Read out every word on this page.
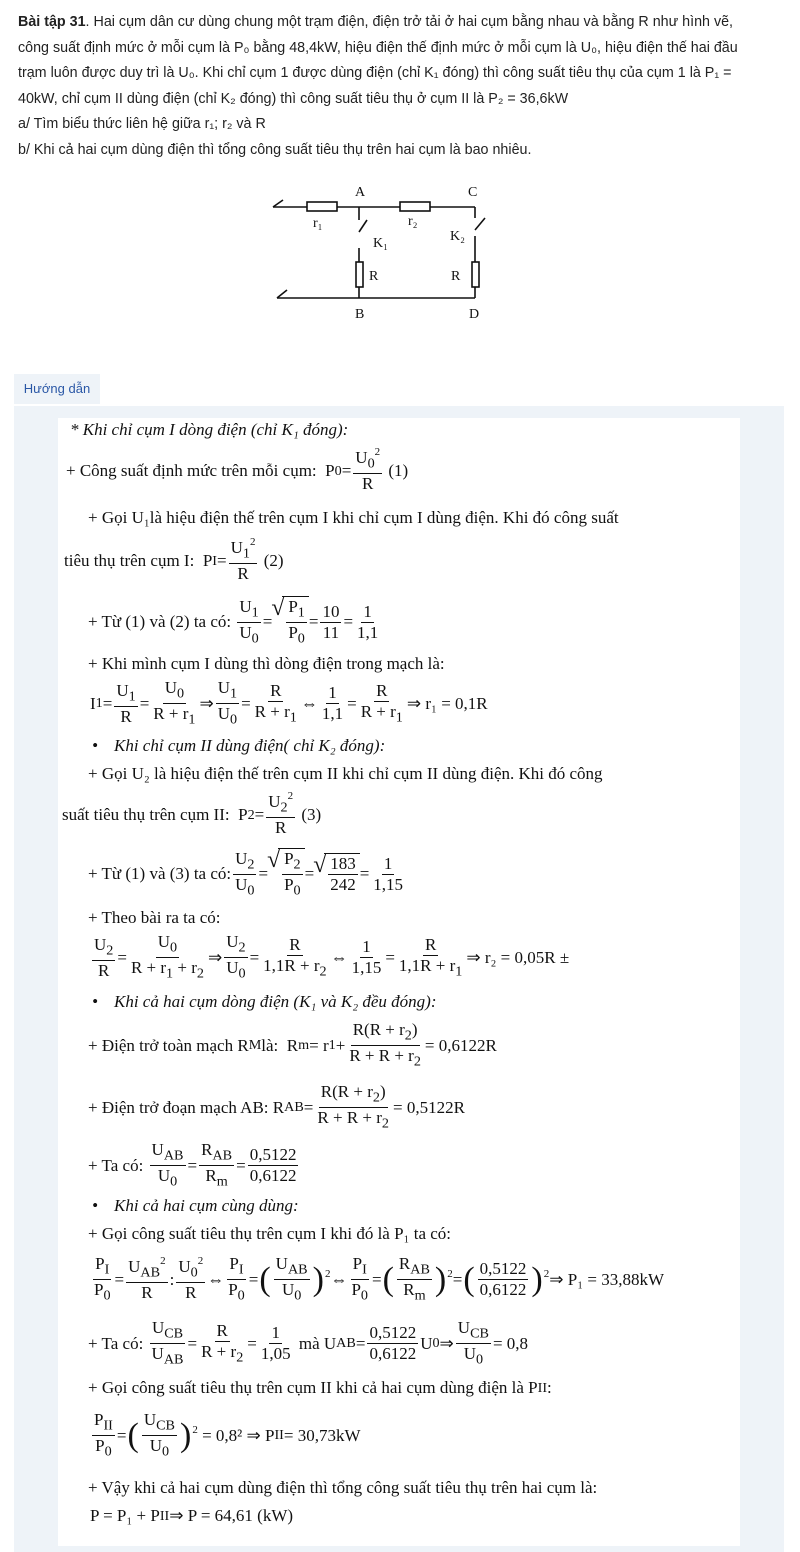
Bài tập 31. Hai cụm dân cư dùng chung một trạm điện, điện trở tải ở hai cụm bằng nhau và bằng R như hình vẽ,

công suất định mức ở mỗi cụm là P₀ bằng 48,4kW, hiệu điện thế định mức ở mỗi cụm là U₀, hiệu điện thế hai đầu

trạm luôn được duy trì là U₀. Khi chỉ cụm 1 được dùng điện (chỉ K₁ đóng) thì công suất tiêu thụ của cụm 1 là P₁ =

40kW, chỉ cụm II dùng điện (chỉ K₂ đóng) thì công suất tiêu thụ ở cụm II là P₂ = 36,6kW

a/ Tìm biểu thức liên hệ giữa r₁; r₂ và R

b/ Khi cả hai cụm dùng điện thì tổng công suất tiêu thụ trên hai cụm là bao nhiêu.

A	C
r₁	r₂
K₁	K₂
R	R
B	D
Hướng dẫn
* Khi chỉ cụm I dòng điện (chỉ K₁ đóng):
+ Công suất định mức trên mỗi cụm: P $0 = \frac{U_0^2}{R} (1)$
+ Gọi U₁là hiệu điện thế trên cụm I khi chỉ cụm I dùng điện. Khi đó công suất
tiêu thụ trên cụm I: P $I = \frac{U_1^2}{R} (2)$
+ Từ (1) và (2) ta có:
$\frac{U_1}{U_0}$ = √ $\frac{P_1}{P_0} = \frac{10}{11} = \frac{1}{1,1}$
+ Khi mình cụm I dùng thì dòng điện trong mạch là:
I $1 = \frac{U_1}{R} = \frac{U_0}{R + r_1}$ ⇒ $\frac{U_1}{U_0} = \frac{R}{R + r_1}$ ⇔ $\frac{1}{1,1} = \frac{R}{R + r_1}$ ⇒ r₁ = 0,1R
• Khi chỉ cụm II dùng điện( chỉ K₂ đóng):
+ Gọi U₂ là hiệu điện thế trên cụm II khi chỉ cụm II dùng điện. Khi đó công
suất tiêu thụ trên cụm II: P $2 = \frac{U_2^2}{R} (3)$
+ Từ (1) và (3) ta có: $\frac{U_2}{U_0}$ = √ $\frac{P_2}{P_0}$ = √ $\frac{183}{242} = \frac{1}{1,15}$
+ Theo bài ra ta có:
$\frac{U_2}{R} = \frac{U_0}{R + r_1 + r_2}$ ⇒ $\frac{U_2}{U_0} = \frac{R}{1,1R + r_2}$ ⇔ $\frac{1}{1,15} = \frac{R}{1,1R + r_1}$ ⇒ r₂ = 0,05R ±
• Khi cả hai cụm dòng điện (K₁ và K₂ đều đóng):
+ Điện trở toàn mạch R M là: R m = r $1 + \frac{R(R + r_2)}{R + R + r_2} = 0,6122R$
+ Điện trở đoạn mạch AB: R AB = $\frac{R(R + r_2)}{R + R + r_2} = 0,5122R$
+ Ta có:
$\frac{U_{AB}}{U_0} = \frac{R_{AB}}{R_m} = \frac{0,5122}{0,6122}$
• Khi cả hai cụm cùng dùng:
+ Gọi công suất tiêu thụ trên cụm I khi đó là P₁ ta có:
$\frac{P_I}{P_0} = \frac{U_{AB}^2}{R}$ : $\frac{U_0^2}{R}$ ⇔ $\frac{P_I}{P_0}$ = ( $\frac{U_{AB}}{U_0}$ ) 2 ⇔ $\frac{P_I}{P_0}$ = ( $\frac{R_{AB}}{R_m}$ ) 2 = ( $\frac{0,5122}{0,6122}$ ) 2 ⇒ P₁ = 33,88kW
+ Ta có:
$\frac{U_{CB}}{U_{AB}} = \frac{R}{R + r_2} = \frac{1}{1,05}$
mà U AB = $\frac{0,5122}{0,6122}$ U 0 ⇒ $\frac{U_{CB}}{U_0} = 0,8$
+ Gọi công suất tiêu thụ trên cụm II khi cả hai cụm dùng điện là P II :
$\frac{P_{II}}{P_0}$ = ( $\frac{U_{CB}}{U_0}$ ) 2
= 0,8² ⇒ P II = 30,73kW
+ Vậy khi cả hai cụm dùng điện thì tổng công suất tiêu thụ trên hai cụm là:
P = P₁ + P II ⇒ P = 64,61 (kW)
